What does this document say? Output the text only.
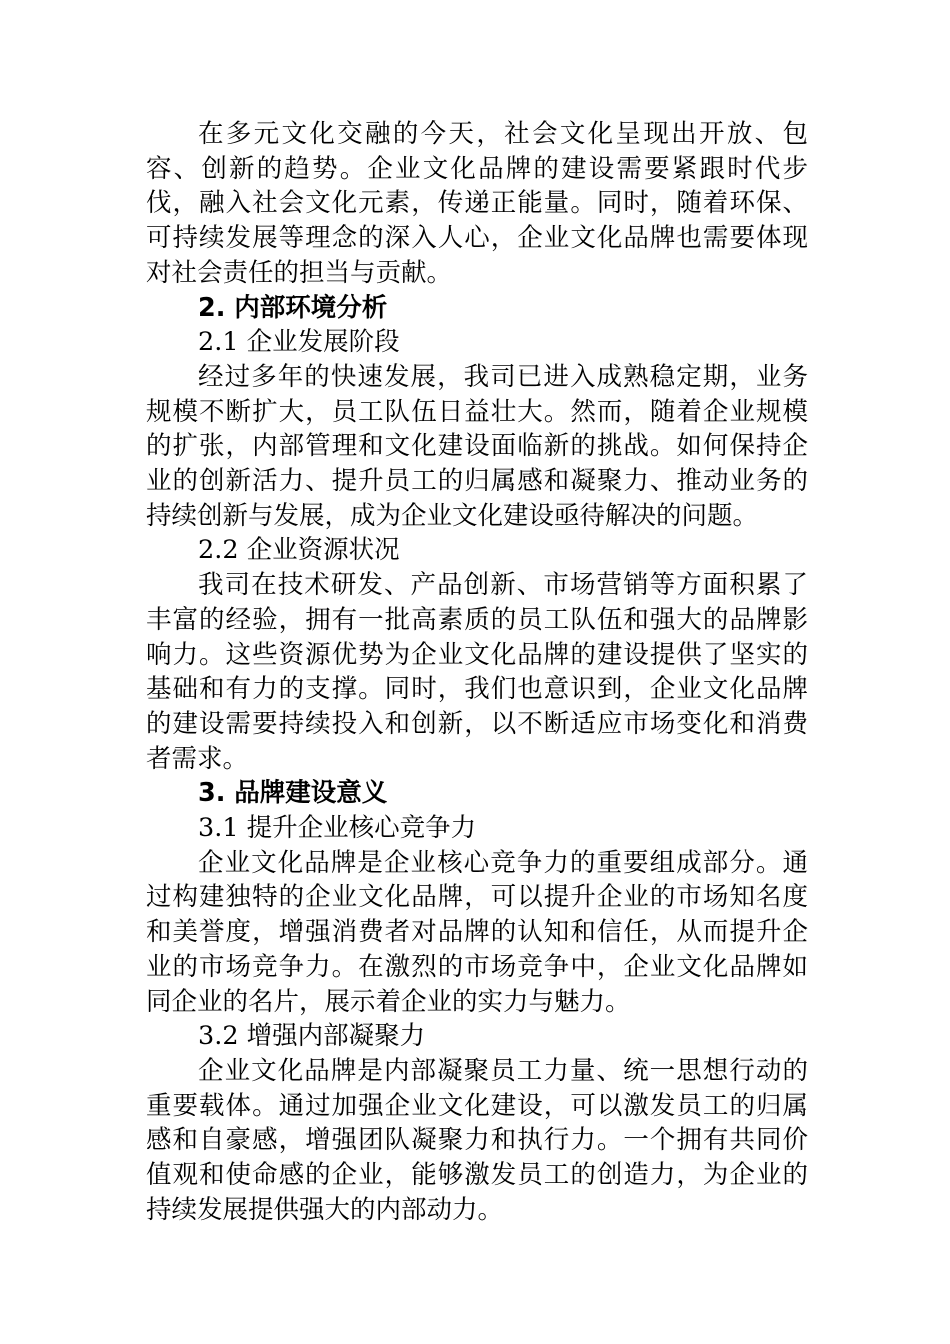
在多元文化交融的今天，社会文化呈现出开放、包容、创新的趋势。企业文化品牌的建设需要紧跟时代步伐，融入社会文化元素，传递正能量。同时，随着环保、可持续发展等理念的深入人心，企业文化品牌也需要体现对社会责任的担当与贡献。

2. 内部环境分析

2.1 企业发展阶段

经过多年的快速发展，我司已进入成熟稳定期，业务规模不断扩大，员工队伍日益壮大。然而，随着企业规模的扩张，内部管理和文化建设面临新的挑战。如何保持企业的创新活力、提升员工的归属感和凝聚力、推动业务的持续创新与发展，成为企业文化建设亟待解决的问题。

2.2 企业资源状况

我司在技术研发、产品创新、市场营销等方面积累了丰富的经验，拥有一批高素质的员工队伍和强大的品牌影响力。这些资源优势为企业文化品牌的建设提供了坚实的基础和有力的支撑。同时，我们也意识到，企业文化品牌的建设需要持续投入和创新，以不断适应市场变化和消费者需求。

3. 品牌建设意义

3.1 提升企业核心竞争力

企业文化品牌是企业核心竞争力的重要组成部分。通过构建独特的企业文化品牌，可以提升企业的市场知名度和美誉度，增强消费者对品牌的认知和信任，从而提升企业的市场竞争力。在激烈的市场竞争中，企业文化品牌如同企业的名片，展示着企业的实力与魅力。

3.2 增强内部凝聚力

企业文化品牌是内部凝聚员工力量、统一思想行动的重要载体。通过加强企业文化建设，可以激发员工的归属感和自豪感，增强团队凝聚力和执行力。一个拥有共同价值观和使命感的企业，能够激发员工的创造力，为企业的持续发展提供强大的内部动力。
